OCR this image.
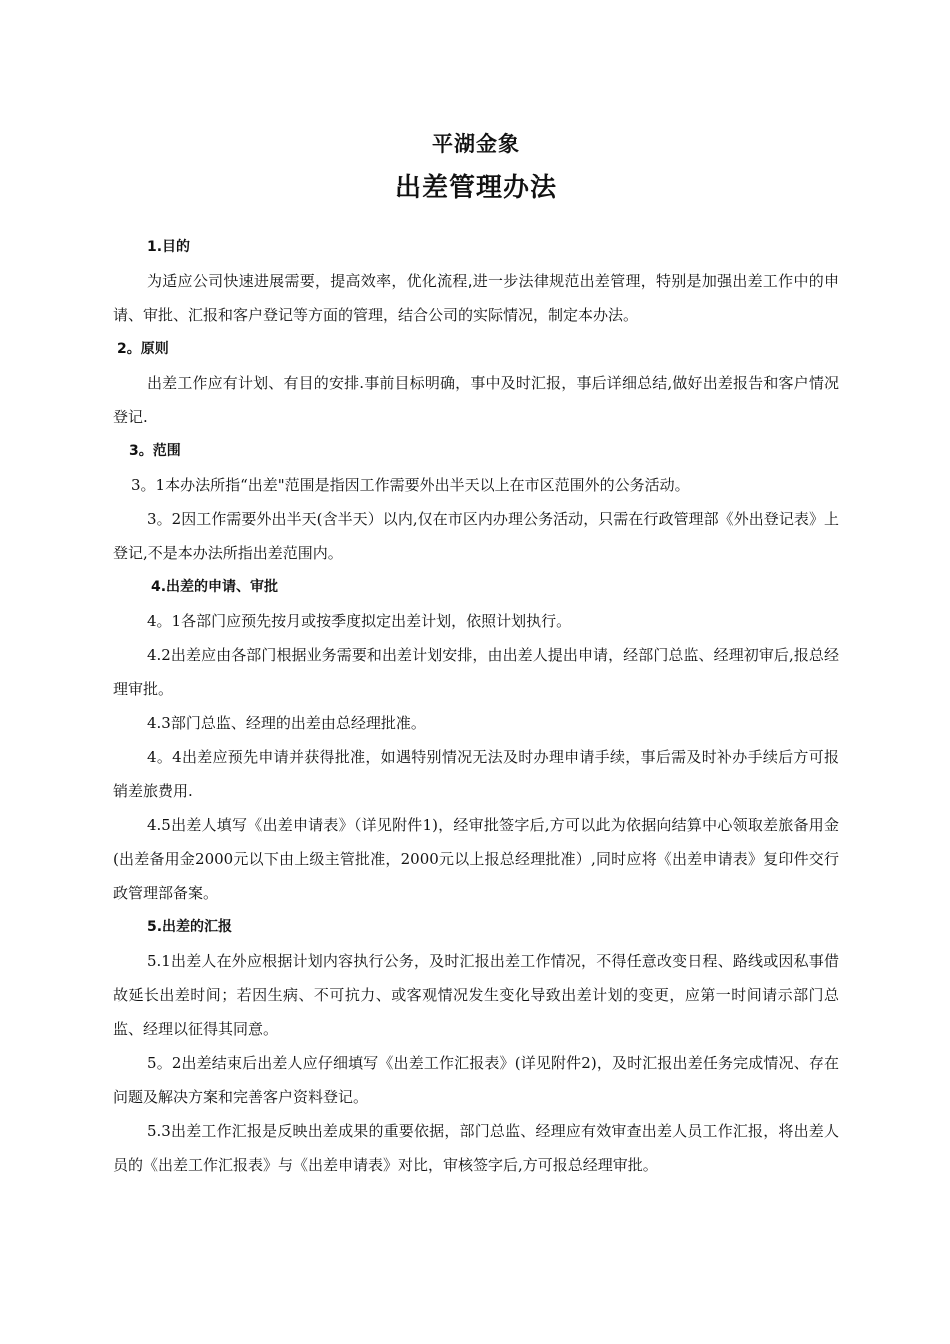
平湖金象
出差管理办法
1.目的

为适应公司快速进展需要，提高效率，优化流程,进一步法律规范出差管理，特别是加强出差工作中的申请、审批、汇报和客户登记等方面的管理，结合公司的实际情况，制定本办法。

2。原则

出差工作应有计划、有目的安排.事前目标明确，事中及时汇报，事后详细总结,做好出差报告和客户情况登记.

3。范围

3。1本办法所指“出差"范围是指因工作需要外出半天以上在市区范围外的公务活动。

3。2因工作需要外出半天(含半天）以内,仅在市区内办理公务活动，只需在行政管理部《外出登记表》上登记,不是本办法所指出差范围内。

4.出差的申请、审批

4。1各部门应预先按月或按季度拟定出差计划，依照计划执行。

4.2出差应由各部门根据业务需要和出差计划安排，由出差人提出申请，经部门总监、经理初审后,报总经理审批。

4.3部门总监、经理的出差由总经理批准。

4。4出差应预先申请并获得批准，如遇特别情况无法及时办理申请手续，事后需及时补办手续后方可报销差旅费用.

4.5出差人填写《出差申请表》（详见附件1)，经审批签字后,方可以此为依据向结算中心领取差旅备用金(出差备用金2000元以下由上级主管批准，2000元以上报总经理批准）,同时应将《出差申请表》复印件交行政管理部备案。

5.出差的汇报

5.1出差人在外应根据计划内容执行公务，及时汇报出差工作情况，不得任意改变日程、路线或因私事借故延长出差时间；若因生病、不可抗力、或客观情况发生变化导致出差计划的变更，应第一时间请示部门总监、经理以征得其同意。

5。2出差结束后出差人应仔细填写《出差工作汇报表》(详见附件2)，及时汇报出差任务完成情况、存在问题及解决方案和完善客户资料登记。

5.3出差工作汇报是反映出差成果的重要依据，部门总监、经理应有效审查出差人员工作汇报，将出差人员的《出差工作汇报表》与《出差申请表》对比，审核签字后,方可报总经理审批。
